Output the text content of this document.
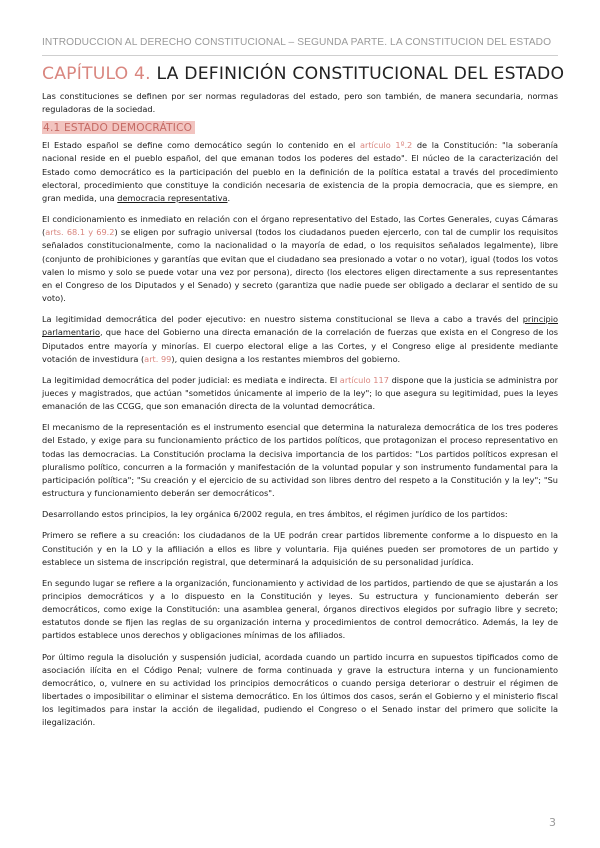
INTRODUCCIÓN AL DERECHO CONSTITUCIONAL – SEGUNDA PARTE. LA CONSTITUCIÓN DEL ESTADO
CAPÍTULO 4. LA DEFINICIÓN CONSTITUCIONAL DEL ESTADO

Las constituciones se definen por ser normas reguladoras del estado, pero son también, de manera secundaria, normas reguladoras de la sociedad.

4.1 ESTADO DEMOCRÁTICO

El Estado español se define como democático según lo contenido en el artículo 1º.2 de la Constitución: "la soberanía nacional reside en el pueblo español, del que emanan todos los poderes del estado". El núcleo de la caracterización del Estado como democrático es la participación del pueblo en la definición de la política estatal a través del procedimiento electoral, procedimiento que constituye la condición necesaria de existencia de la propia democracia, que es siempre, en gran medida, una democracia representativa.

El condicionamiento es inmediato en relación con el órgano representativo del Estado, las Cortes Generales, cuyas Cámaras (arts. 68.1 y 69.2) se eligen por sufragio universal (todos los ciudadanos pueden ejercerlo, con tal de cumplir los requisitos señalados constitucionalmente, como la nacionalidad o la mayoría de edad, o los requisitos señalados legalmente), libre (conjunto de prohibiciones y garantías que evitan que el ciudadano sea presionado a votar o no votar), igual (todos los votos valen lo mismo y solo se puede votar una vez por persona), directo (los electores eligen directamente a sus representantes en el Congreso de los Diputados y el Senado) y secreto (garantiza que nadie puede ser obligado a declarar el sentido de su voto).

La legitimidad democrática del poder ejecutivo: en nuestro sistema constitucional se lleva a cabo a través del principio parlamentario, que hace del Gobierno una directa emanación de la correlación de fuerzas que exista en el Congreso de los Diputados entre mayoría y minorías. El cuerpo electoral elige a las Cortes, y el Congreso elige al presidente mediante votación de investidura (art. 99), quien designa a los restantes miembros del gobierno.

La legitimidad democrática del poder judicial: es mediata e indirecta. El artículo 117 dispone que la justicia se administra por jueces y magistrados, que actúan "sometidos únicamente al imperio de la ley"; lo que asegura su legitimidad, pues la leyes emanación de las CCGG, que son emanación directa de la voluntad democrática.

El mecanismo de la representación es el instrumento esencial que determina la naturaleza democrática de los tres poderes del Estado, y exige para su funcionamiento práctico de los partidos políticos, que protagonizan el proceso representativo en todas las democracias. La Constitución proclama la decisiva importancia de los partidos: "Los partidos políticos expresan el pluralismo político, concurren a la formación y manifestación de la voluntad popular y son instrumento fundamental para la participación política"; "Su creación y el ejercicio de su actividad son libres dentro del respeto a la Constitución y la ley"; "Su estructura y funcionamiento deberán ser democráticos".

Desarrollando estos principios, la ley orgánica 6/2002 regula, en tres ámbitos, el régimen jurídico de los partidos:

Primero se refiere a su creación: los ciudadanos de la UE podrán crear partidos libremente conforme a lo dispuesto en la Constitución y en la LO y la afiliación a ellos es libre y voluntaria. Fija quiénes pueden ser promotores de un partido y establece un sistema de inscripción registral, que determinará la adquisición de su personalidad jurídica.

En segundo lugar se refiere a la organización, funcionamiento y actividad de los partidos, partiendo de que se ajustarán a los principios democráticos y a lo dispuesto en la Constitución y leyes. Su estructura y funcionamiento deberán ser democráticos, como exige la Constitución: una asamblea general, órganos directivos elegidos por sufragio libre y secreto; estatutos donde se fijen las reglas de su organización interna y procedimientos de control democrático. Además, la ley de partidos establece unos derechos y obligaciones mínimas de los afiliados.

Por último regula la disolución y suspensión judicial, acordada cuando un partido incurra en supuestos tipificados como de asociación ilícita en el Código Penal; vulnere de forma continuada y grave la estructura interna y un funcionamiento democrático, o, vulnere en su actividad los principios democráticos o cuando persiga deteriorar o destruir el régimen de libertades o imposibilitar o eliminar el sistema democrático. En los últimos dos casos, serán el Gobierno y el ministerio fiscal los legitimados para instar la acción de ilegalidad, pudiendo el Congreso o el Senado instar del primero que solicite la ilegalización.

3
